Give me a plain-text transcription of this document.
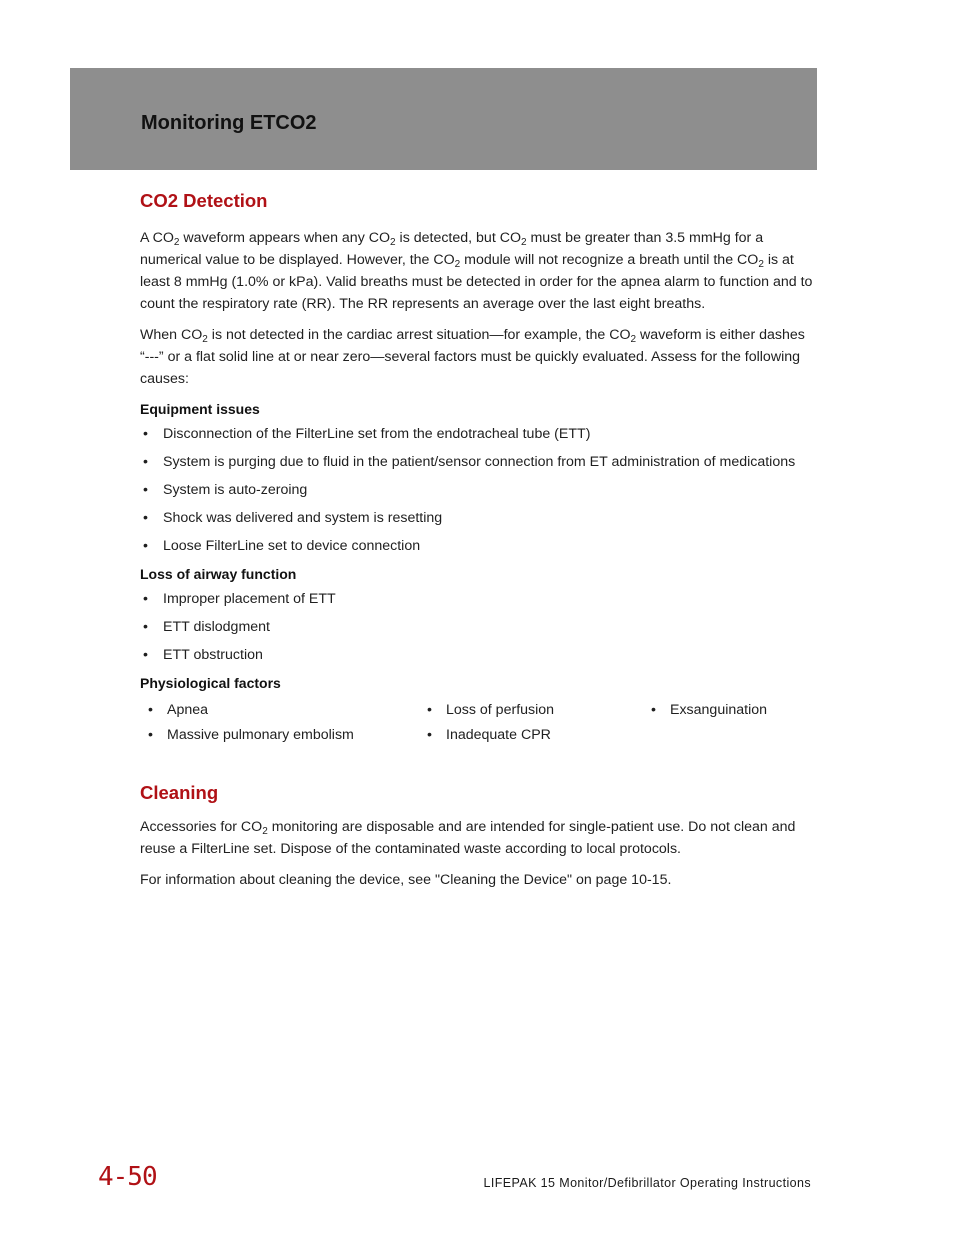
Monitoring ETCO2
CO2 Detection

A $CO_2$ waveform appears when any $CO_2$ is detected, but $CO_2$ must be greater than 3.5 mmHg for a numerical value to be displayed. However, the $CO_2$ module will not recognize a breath until the $CO_2$ is at least 8 mmHg (1.0% or kPa). Valid breaths must be detected in order for the apnea alarm to function and to count the respiratory rate (RR). The RR represents an average over the last eight breaths.

When $CO_2$ is not detected in the cardiac arrest situation—for example, the $CO_2$ waveform is either dashes “---” or a flat solid line at or near zero—several factors must be quickly evaluated. Assess for the following causes:

Equipment issues
• Disconnection of the FilterLine set from the endotracheal tube (ETT)
• System is purging due to fluid in the patient/sensor connection from ET administration of medications
• System is auto-zeroing
• Shock was delivered and system is resetting
• Loose FilterLine set to device connection
Loss of airway function
• Improper placement of ETT
• ETT dislodgment
• ETT obstruction
Physiological factors
• Apnea	• Loss of perfusion	• Exsanguination
• Massive pulmonary embolism	• Inadequate CPR
Cleaning

Accessories for $CO_2$ monitoring are disposable and are intended for single-patient use. Do not clean and reuse a FilterLine set. Dispose of the contaminated waste according to local protocols.

For information about cleaning the device, see "Cleaning the Device" on page 10-15.

4-50	LIFEPAK 15 Monitor/Defibrillator Operating Instructions
